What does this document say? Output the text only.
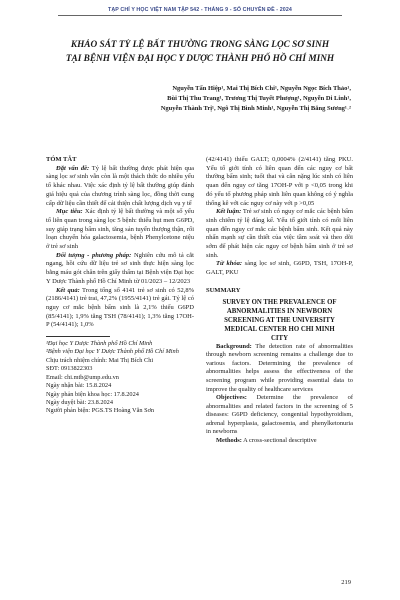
TẠP CHÍ Y HỌC VIỆT NAM TẬP 542 - THÁNG 9 - SỐ CHUYÊN ĐỀ - 2024
KHẢO SÁT TỶ LỆ BẤT THƯỜNG TRONG SÀNG LỌC SƠ SINH
TẠI BỆNH VIỆN ĐẠI HỌC Y DƯỢC THÀNH PHỐ HỒ CHÍ MINH
Nguyễn Tấn Hiệp¹, Mai Thị Bích Chi¹, Nguyễn Ngọc Bích Thảo¹,
Bùi Thị Thu Trang¹, Trương Thị Tuyết Phượng¹, Nguyễn Di Linh¹,
Nguyễn Thành Trị¹, Ngô Thị Bình Minh¹, Nguyễn Thị Băng Sương¹˒²
TÓM TẮT

Đặt vấn đề: Tỷ lệ bất thường được phát hiện qua sàng lọc sơ sinh vẫn còn là một thách thức do nhiều yếu tố khác nhau. Việc xác định tỷ lệ bất thường giúp đánh giá hiệu quả của chương trình sàng lọc, đồng thời cung cấp dữ liệu cần thiết để cải thiện chất lượng dịch vụ y tế

Mục tiêu: Xác định tỷ lệ bất thường và một số yếu tố liên quan trong sàng lọc 5 bệnh: thiếu hụt men G6PD, suy giáp trạng bẩm sinh, tăng sản tuyến thượng thận, rối loạn chuyển hóa galactosemia, bệnh Phenylcetone niệu ở trẻ sơ sinh

Đối tượng - phương pháp: Nghiên cứu mô tả cắt ngang, hồi cứu dữ liệu trẻ sơ sinh thực hiện sàng lọc bằng máu gót chân trên giấy thấm tại Bệnh viện Đại học Y Dược Thành phố Hồ Chí Minh từ 01/2023 – 12/2023

Kết quả: Trong tổng số 4141 trẻ sơ sinh có 52,8% (2186/4141) trẻ trai, 47,2% (1955/4141) trẻ gái. Tỷ lệ có nguy cơ mắc bệnh bẩm sinh là 2,1% thiếu G6PD (85/4141); 1,9% tăng TSH (78/4141); 1,3% tăng 17OH-P (54/4141); 1,0%

¹Đại học Y Dược Thành phố Hồ Chí Minh

²Bệnh viện Đại học Y Dược Thành phố Hồ Chí Minh

Chịu trách nhiệm chính: Mai Thị Bích Chi

SĐT: 0913822303

Email: chi.mtb@ump.edu.vn

Ngày nhận bài: 15.8.2024

Ngày phản biện khoa học: 17.8.2024

Ngày duyệt bài: 23.8.2024

Người phản biện: PGS.TS Hoàng Văn Sơn

(42/4141) thiếu GALT; 0,0004% (2/4141) tăng PKU. Yếu tố giới tính có liên quan đến các nguy cơ bất thường bẩm sinh; tuổi thai và cân nặng lúc sinh có liên quan đến nguy cơ tăng 17OH-P với p <0,05 trong khi đó yếu tố phương pháp sinh liên quan không có ý nghĩa thống kê với các nguy cơ này với p >0,05

Kết luận: Trẻ sơ sinh có nguy cơ mắc các bệnh bẩm sinh chiếm tỷ lệ đáng kể. Yếu tố giới tính có mối liên quan đến nguy cơ mắc các bệnh bẩm sinh. Kết quả này nhấn mạnh sự cần thiết của việc tầm soát và theo dõi sớm để phát hiện các nguy cơ bệnh bẩm sinh ở trẻ sơ sinh.

Từ khóa: sàng lọc sơ sinh, G6PD, TSH, 17OH-P, GALT, PKU

SUMMARY
SURVEY ON THE PREVALENCE OF
ABNORMALITIES IN NEWBORN
SCREENING AT THE UNIVERSITY
MEDICAL CENTER HO CHI MINH
CITY

Background: The detection rate of abnormalities through newborn screening remains a challenge due to various factors. Determining the prevalence of abnormalities helps assess the effectiveness of the screening program while providing essential data to improve the quality of healthcare services

Objectives: Determine the prevalence of abnormalities and related factors in the screening of 5 diseases: G6PD deficiency, congenital hypothyroidism, adrenal hyperplasia, galactosemia, and phenylketonuria in newborns

Methods: A cross-sectional descriptive

219
